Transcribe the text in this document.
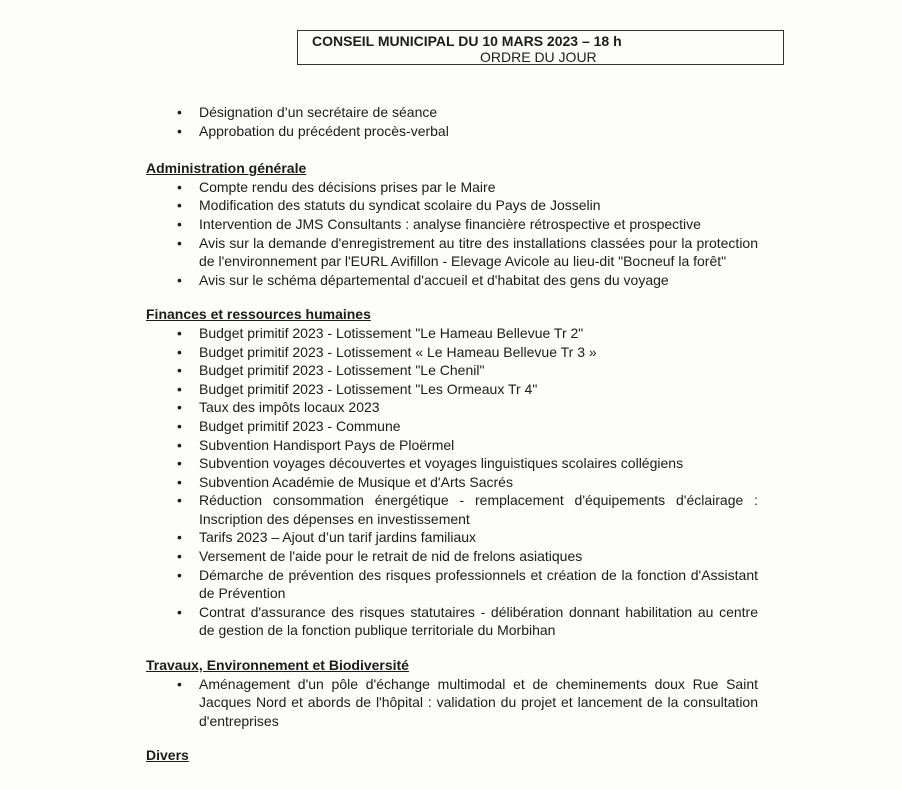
CONSEIL MUNICIPAL DU 10 MARS 2023 – 18 h
ORDRE DU JOUR
• Désignation d’un secrétaire de séance
• Approbation du précédent procès-verbal
Administration générale
• Compte rendu des décisions prises par le Maire
• Modification des statuts du syndicat scolaire du Pays de Josselin
• Intervention de JMS Consultants : analyse financière rétrospective et prospective
• Avis sur la demande d'enregistrement au titre des installations classées pour la protection de l'environnement par l'EURL Avifillon - Elevage Avicole au lieu-dit "Bocneuf la forêt"
• Avis sur le schéma départemental d'accueil et d'habitat des gens du voyage
Finances et ressources humaines
• Budget primitif 2023 - Lotissement "Le Hameau Bellevue Tr 2"
• Budget primitif 2023 - Lotissement « Le Hameau Bellevue Tr 3 »
• Budget primitif 2023 - Lotissement "Le Chenil"
• Budget primitif 2023 - Lotissement "Les Ormeaux Tr 4"
• Taux des impôts locaux 2023
• Budget primitif 2023 - Commune
• Subvention Handisport Pays de Ploërmel
• Subvention voyages découvertes et voyages linguistiques scolaires collégiens
• Subvention Académie de Musique et d'Arts Sacrés
• Réduction consommation énergétique - remplacement d'équipements d'éclairage : Inscription des dépenses en investissement
• Tarifs 2023 – Ajout d’un tarif jardins familiaux
• Versement de l'aide pour le retrait de nid de frelons asiatiques
• Démarche de prévention des risques professionnels et création de la fonction d'Assistant de Prévention
• Contrat d'assurance des risques statutaires - délibération donnant habilitation au centre de gestion de la fonction publique territoriale du Morbihan
Travaux, Environnement et Biodiversité
• Aménagement d'un pôle d'échange multimodal et de cheminements doux Rue Saint Jacques Nord et abords de l'hôpital : validation du projet et lancement de la consultation d'entreprises
Divers
